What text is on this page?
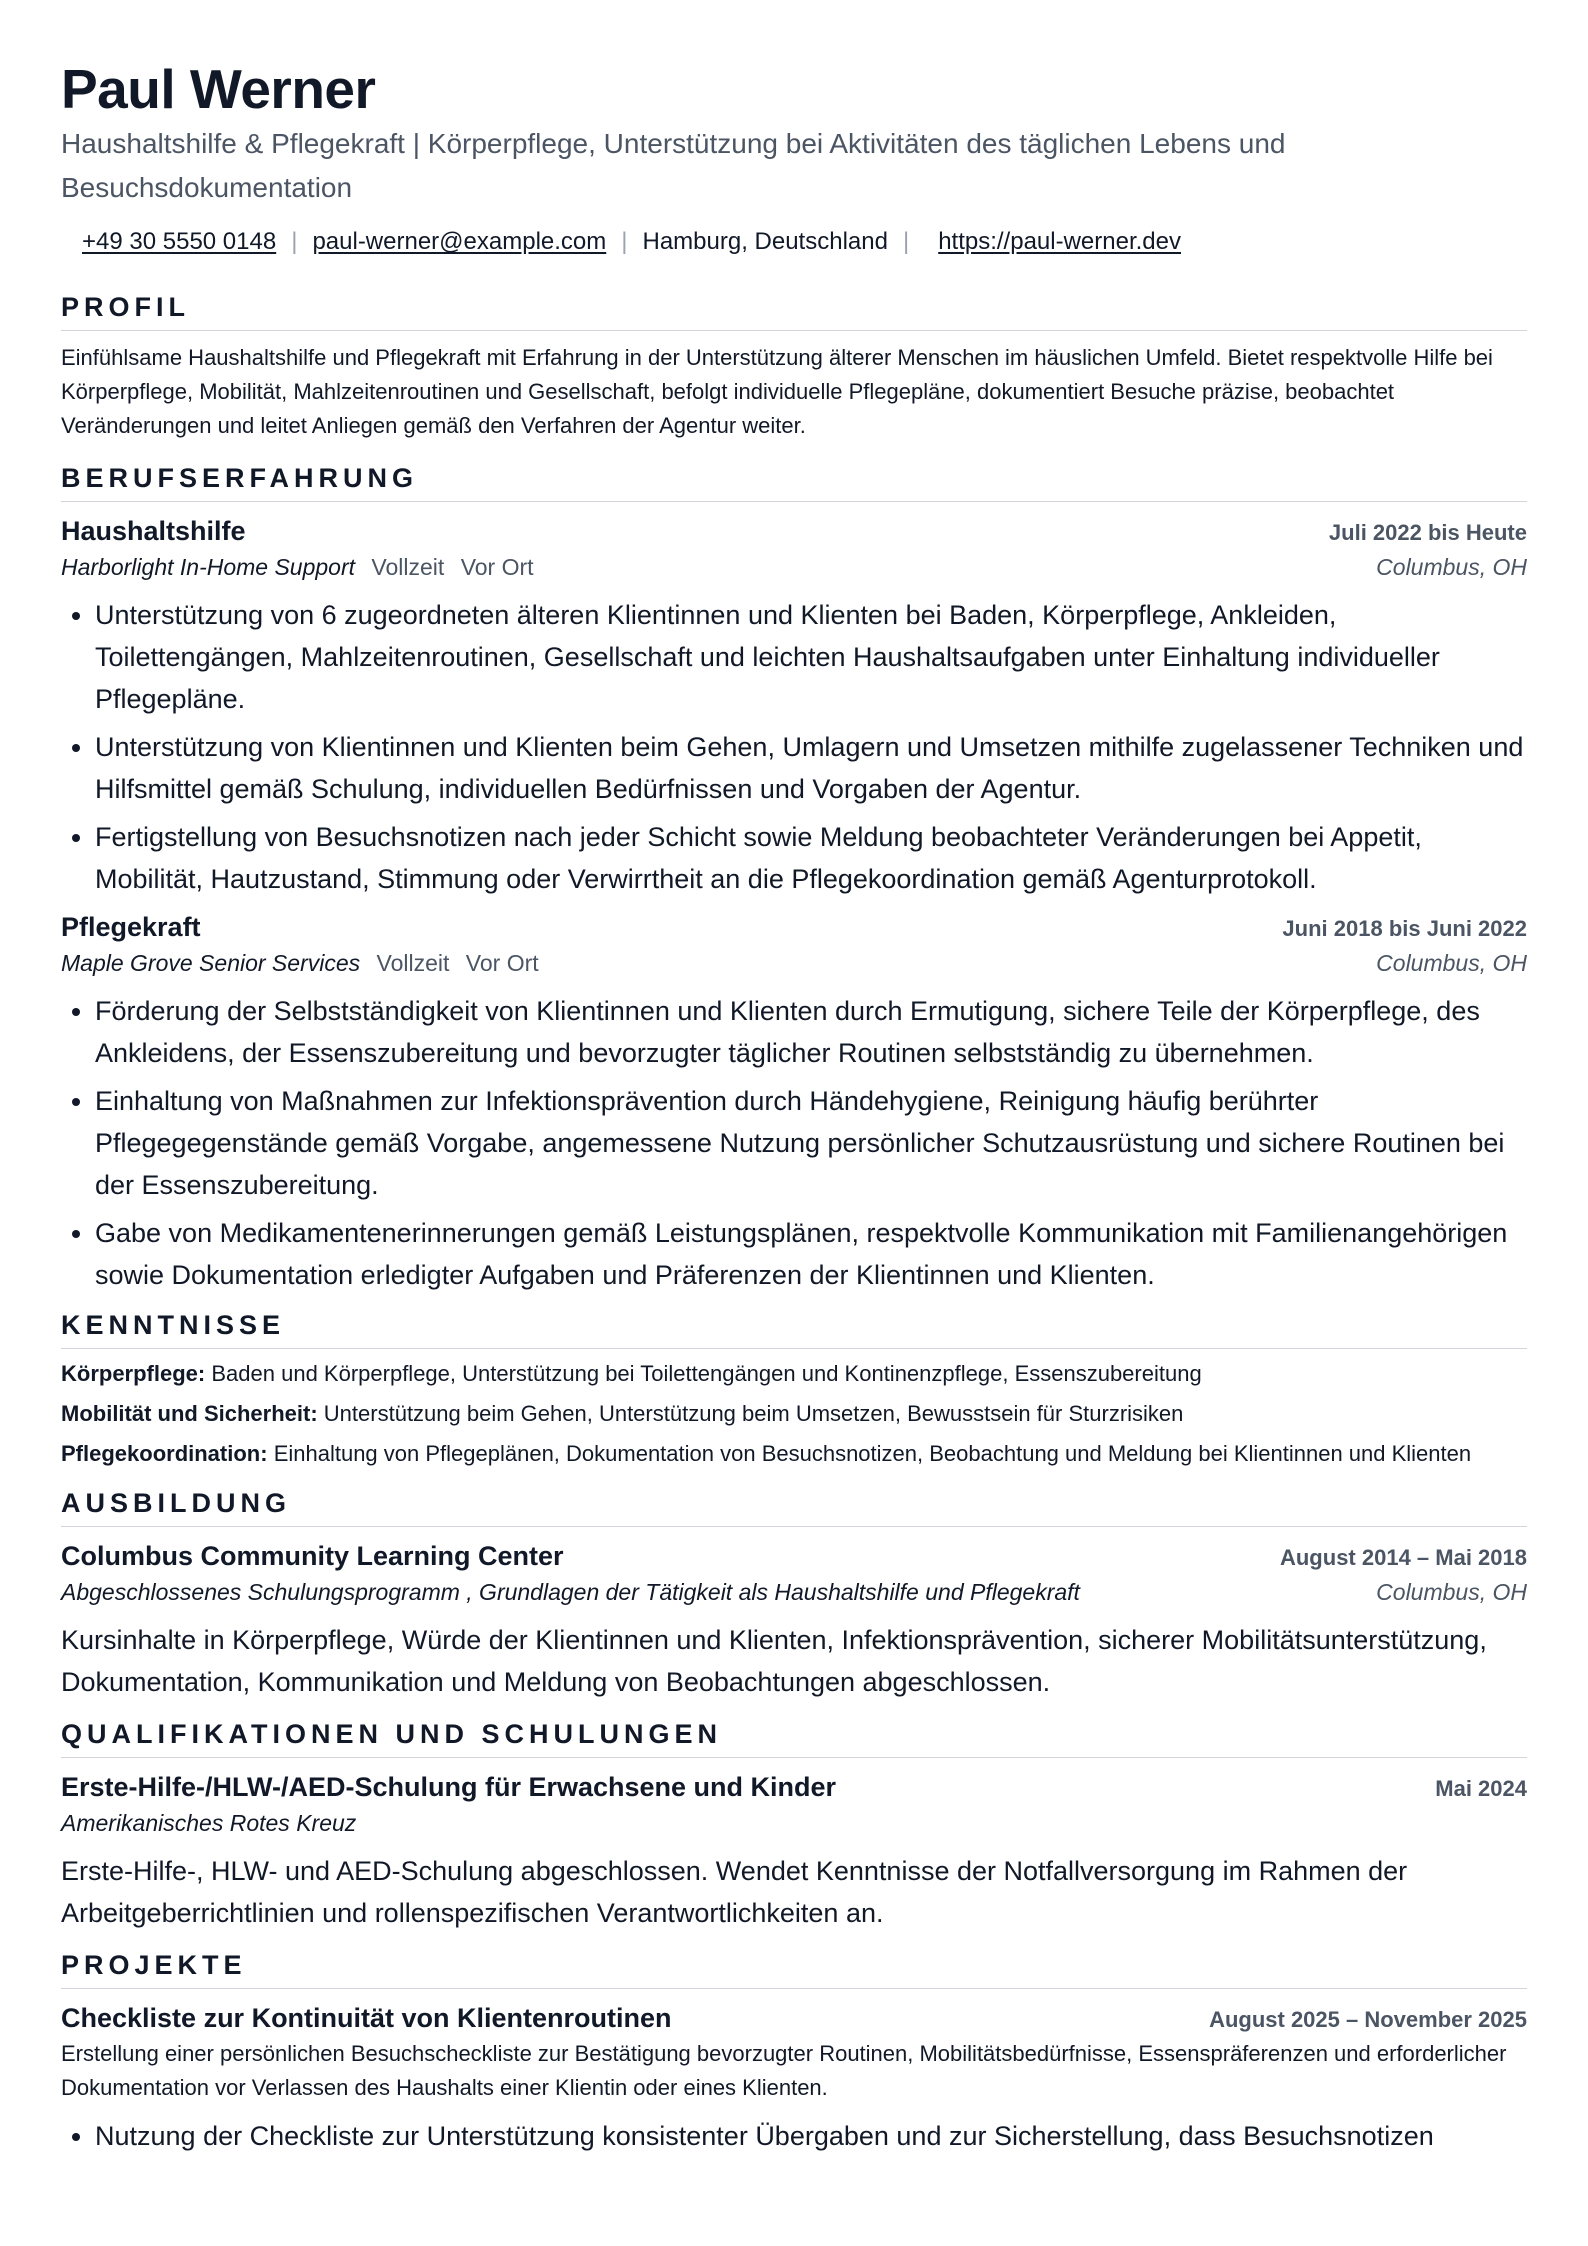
Paul Werner
Haushaltshilfe & Pflegekraft | Körperpflege, Unterstützung bei Aktivitäten des täglichen Lebens und Besuchsdokumentation
+49 30 5550 0148 | paul-werner@example.com | Hamburg, Deutschland | https://paul-werner.dev
PROFIL
Einfühlsame Haushaltshilfe und Pflegekraft mit Erfahrung in der Unterstützung älterer Menschen im häuslichen Umfeld. Bietet respektvolle Hilfe bei Körperpflege, Mobilität, Mahlzeitenroutinen und Gesellschaft, befolgt individuelle Pflegepläne, dokumentiert Besuche präzise, beobachtet Veränderungen und leitet Anliegen gemäß den Verfahren der Agentur weiter.
BERUFSERFAHRUNG
Haushaltshilfe	Juli 2022 bis Heute
Harborlight In-Home Support Vollzeit Vor Ort	Columbus, OH
• Unterstützung von 6 zugeordneten älteren Klientinnen und Klienten bei Baden, Körperpflege, Ankleiden, Toilettengängen, Mahlzeitenroutinen, Gesellschaft und leichten Haushaltsaufgaben unter Einhaltung individueller Pflegepläne.
• Unterstützung von Klientinnen und Klienten beim Gehen, Umlagern und Umsetzen mithilfe zugelassener Techniken und Hilfsmittel gemäß Schulung, individuellen Bedürfnissen und Vorgaben der Agentur.
• Fertigstellung von Besuchsnotizen nach jeder Schicht sowie Meldung beobachteter Veränderungen bei Appetit, Mobilität, Hautzustand, Stimmung oder Verwirrtheit an die Pflegekoordination gemäß Agenturprotokoll.
Pflegekraft	Juni 2018 bis Juni 2022
Maple Grove Senior Services Vollzeit Vor Ort	Columbus, OH
• Förderung der Selbstständigkeit von Klientinnen und Klienten durch Ermutigung, sichere Teile der Körperpflege, des Ankleidens, der Essenszubereitung und bevorzugter täglicher Routinen selbstständig zu übernehmen.
• Einhaltung von Maßnahmen zur Infektionsprävention durch Händehygiene, Reinigung häufig berührter Pflegegegenstände gemäß Vorgabe, angemessene Nutzung persönlicher Schutzausrüstung und sichere Routinen bei der Essenszubereitung.
• Gabe von Medikamentenerinnerungen gemäß Leistungsplänen, respektvolle Kommunikation mit Familienangehörigen sowie Dokumentation erledigter Aufgaben und Präferenzen der Klientinnen und Klienten.
KENNTNISSE
Körperpflege: Baden und Körperpflege, Unterstützung bei Toilettengängen und Kontinenzpflege, Essenszubereitung
Mobilität und Sicherheit: Unterstützung beim Gehen, Unterstützung beim Umsetzen, Bewusstsein für Sturzrisiken
Pflegekoordination: Einhaltung von Pflegeplänen, Dokumentation von Besuchsnotizen, Beobachtung und Meldung bei Klientinnen und Klienten
AUSBILDUNG
Columbus Community Learning Center	August 2014 – Mai 2018
Abgeschlossenes Schulungsprogramm , Grundlagen der Tätigkeit als Haushaltshilfe und Pflegekraft	Columbus, OH
Kursinhalte in Körperpflege, Würde der Klientinnen und Klienten, Infektionsprävention, sicherer Mobilitätsunterstützung, Dokumentation, Kommunikation und Meldung von Beobachtungen abgeschlossen.
QUALIFIKATIONEN UND SCHULUNGEN
Erste-Hilfe-/HLW-/AED-Schulung für Erwachsene und Kinder	Mai 2024
Amerikanisches Rotes Kreuz
Erste-Hilfe-, HLW- und AED-Schulung abgeschlossen. Wendet Kenntnisse der Notfallversorgung im Rahmen der Arbeitgeberrichtlinien und rollenspezifischen Verantwortlichkeiten an.
PROJEKTE
Checkliste zur Kontinuität von Klientenroutinen	August 2025 – November 2025
Erstellung einer persönlichen Besuchscheckliste zur Bestätigung bevorzugter Routinen, Mobilitätsbedürfnisse, Essenspräferenzen und erforderlicher Dokumentation vor Verlassen des Haushalts einer Klientin oder eines Klienten.
• Nutzung der Checkliste zur Unterstützung konsistenter Übergaben und zur Sicherstellung, dass Besuchsnotizen
